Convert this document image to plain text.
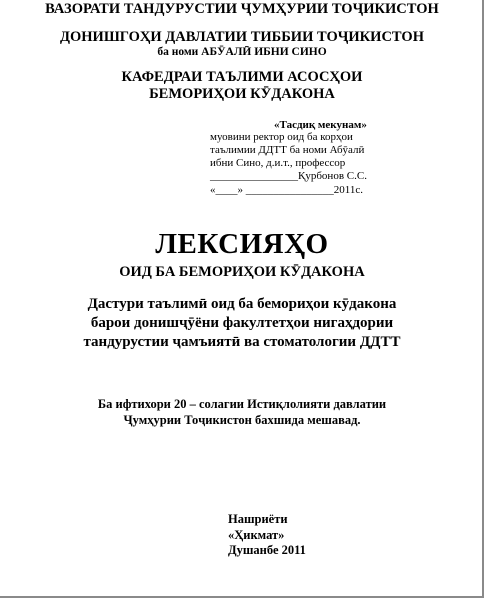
ВАЗОРАТИ ТАНДУРУСТИИ ҶУМҲУРИИ ТОҶИКИСТОН
ДОНИШГОҲИ ДАВЛАТИИ ТИББИИ ТОҶИКИСТОН
ба номи АБӮАЛӢ ИБНИ СИНО
КАФЕДРАИ ТАЪЛИМИ АСОСҲОИ
БЕМОРИҲОИ КӮДАКОНА
«Тасдиқ мекунам»
муовини ректор оид ба корҳои
таълимии ДДТТ ба номи Абӯалӣ
ибни Сино, д.и.т., профессор
________________Қурбонов С.С.
«____» ________________2011с.
ЛЕКСИЯҲО
ОИД БА БЕМОРИҲОИ КӮДАКОНА
Дастури таълимӣ оид ба бемориҳои кӯдакона
барои донишҷӯёни факултетҳои нигаҳдории
тандурустии ҷамъиятӣ ва стоматологии ДДТТ
Ба ифтихори 20 – солагии Истиқлолияти давлатии
Ҷумҳурии Тоҷикистон бахшида мешавад.
Нашриёти
«Ҳикмат»
Душанбе 2011
